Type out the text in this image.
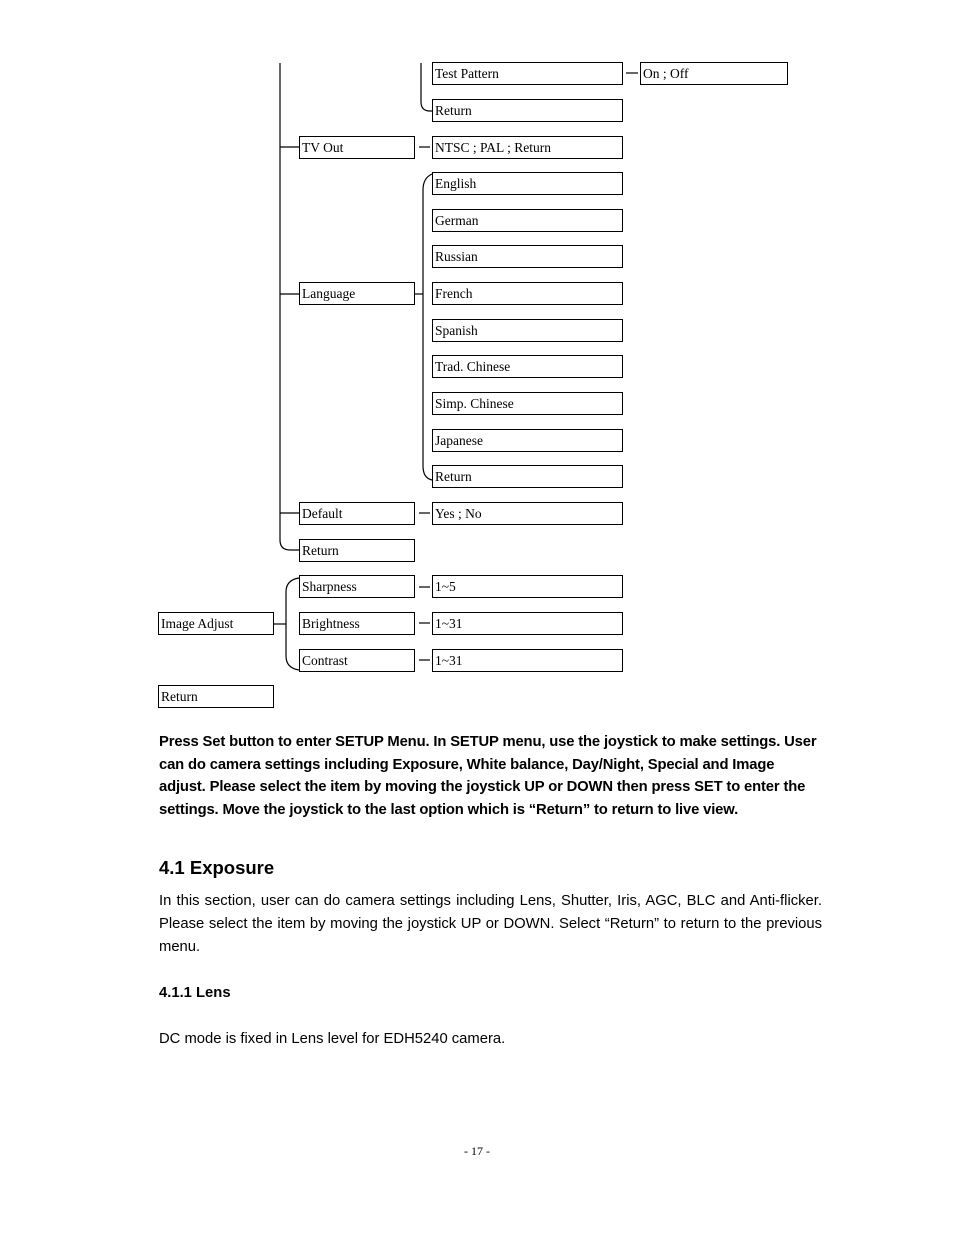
Test Pattern	On ; Off
Return
TV Out	NTSC ; PAL ; Return
Language
English
German
Russian
French
Spanish
Trad. Chinese
Simp. Chinese
Japanese
Return
Default	Yes ; No
Return
Sharpness	1~5
Image Adjust	Brightness	1~31
Contrast	1~31
Return

Press Set button to enter SETUP Menu. In SETUP menu, use the joystick to make settings. User can do camera settings including Exposure, White balance, Day/Night, Special and Image adjust. Please select the item by moving the joystick UP or DOWN then press SET to enter the settings. Move the joystick to the last option which is “Return” to return to live view.

4.1 Exposure

In this section, user can do camera settings including Lens, Shutter, Iris, AGC, BLC and Anti-flicker. Please select the item by moving the joystick UP or DOWN. Select “Return” to return to the previous menu.

4.1.1 Lens

DC mode is fixed in Lens level for EDH5240 camera.

- 17 -
